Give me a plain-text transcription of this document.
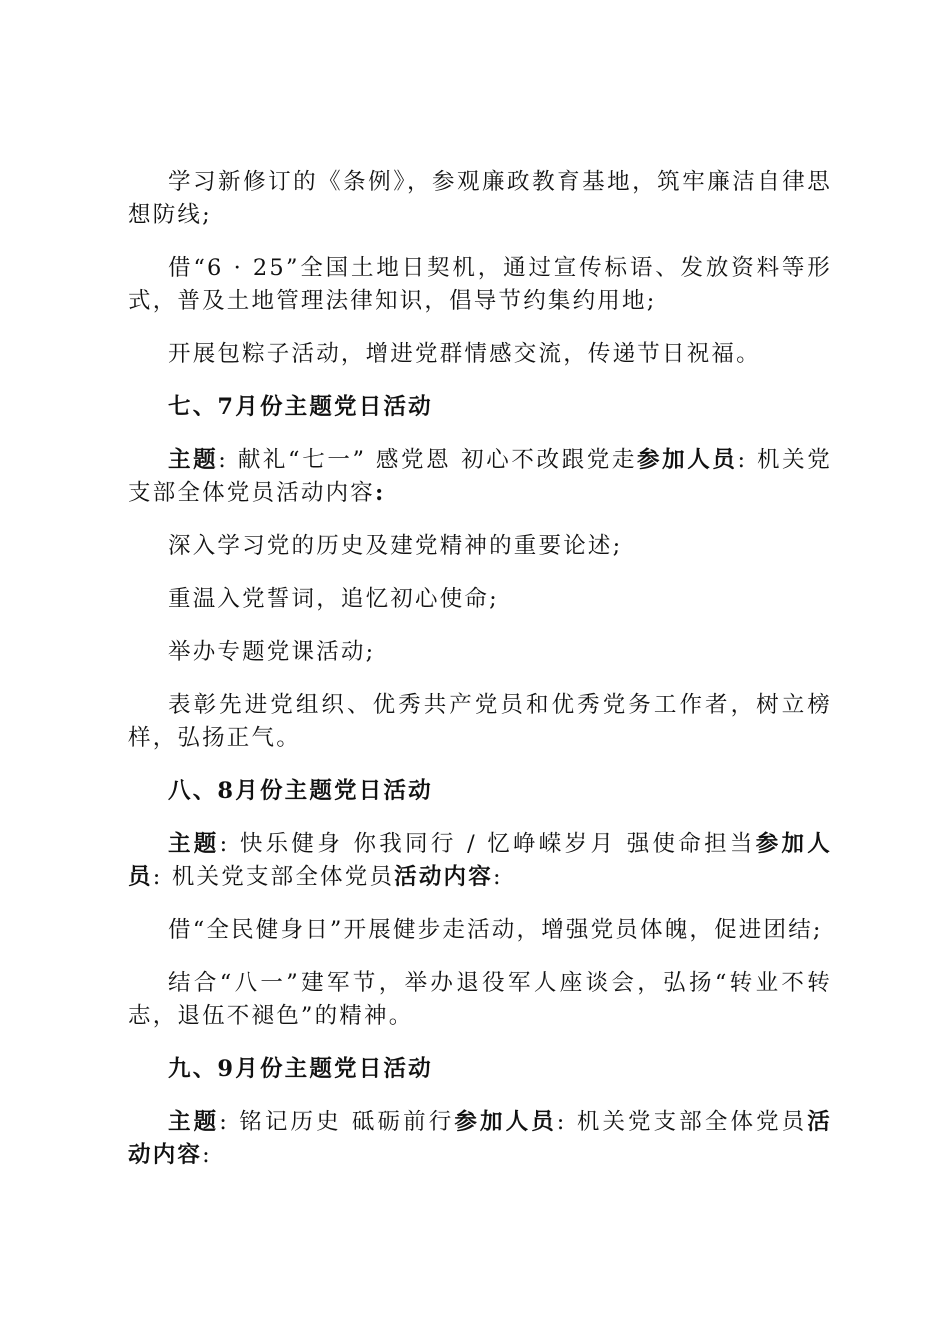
学习新修订的《条例》，参观廉政教育基地，筑牢廉洁自律思想防线;

借“6 · 25”全国土地日契机，通过宣传标语、发放资料等形式，普及土地管理法律知识，倡导节约集约用地;

开展包粽子活动，增进党群情感交流，传递节日祝福。

七、7月份主题党日活动

主题: 献礼“七一” 感党恩 初心不改跟党走参加人员: 机关党支部全体党员活动内容:

深入学习党的历史及建党精神的重要论述;

重温入党誓词，追忆初心使命;

举办专题党课活动;

表彰先进党组织、优秀共产党员和优秀党务工作者，树立榜样，弘扬正气。

八、8月份主题党日活动

主题: 快乐健身 你我同行 / 忆峥嵘岁月 强使命担当参加人员: 机关党支部全体党员活动内容:

借“全民健身日”开展健步走活动，增强党员体魄，促进团结;

结合“八一”建军节，举办退役军人座谈会，弘扬“转业不转志，退伍不褪色”的精神。

九、9月份主题党日活动

主题: 铭记历史 砥砺前行参加人员: 机关党支部全体党员活动内容:
